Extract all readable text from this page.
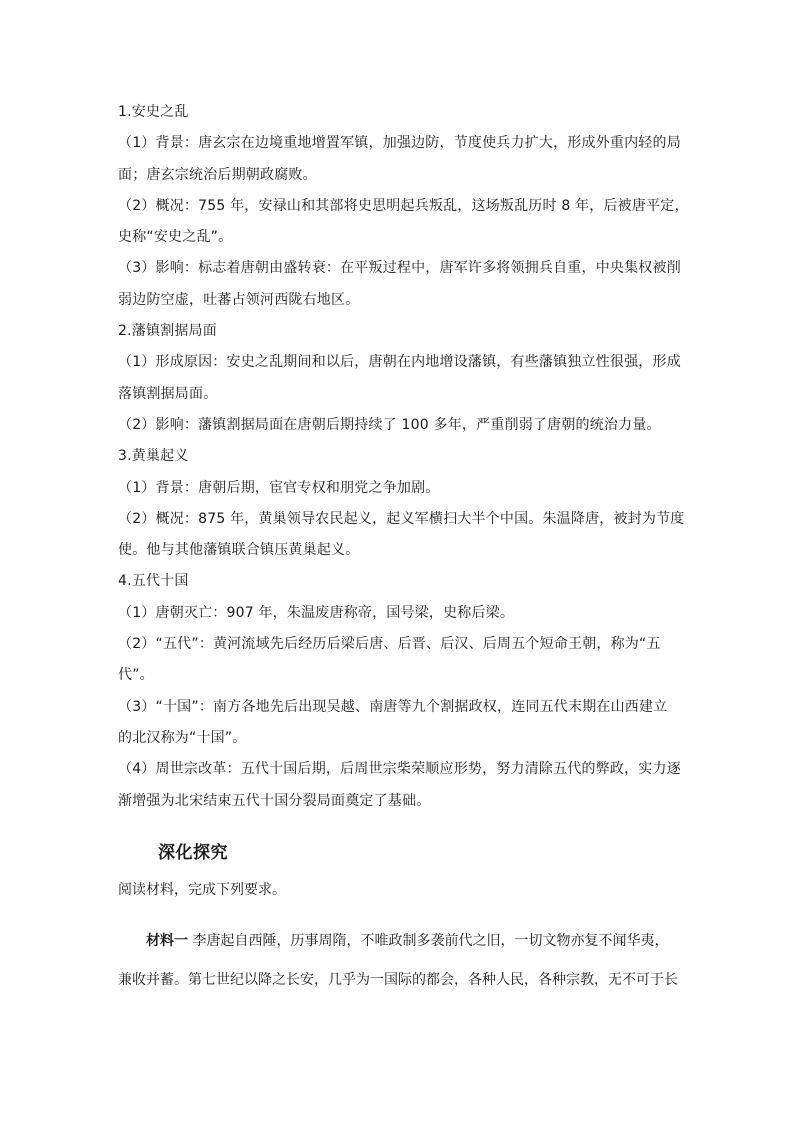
1.安史之乱
（1）背景：唐玄宗在边境重地增置军镇，加强边防，节度使兵力扩大，形成外重内轻的局
面；唐玄宗统治后期朝政腐败。
（2）概况：755 年，安禄山和其部将史思明起兵叛乱，这场叛乱历时 8 年，后被唐平定，
史称“安史之乱”。
（3）影响：标志着唐朝由盛转衰：在平叛过程中，唐军许多将领拥兵自重，中央集权被削
弱边防空虚，吐蕃占领河西陇右地区。
2.藩镇割据局面
（1）形成原因：安史之乱期间和以后，唐朝在内地增设藩镇，有些藩镇独立性很强，形成
落镇割据局面。
（2）影响：藩镇割据局面在唐朝后期持续了 100 多年，严重削弱了唐朝的统治力量。
3.黄巢起义
（1）背景：唐朝后期，宦官专权和朋党之争加剧。
（2）概况：875 年，黄巢领导农民起义，起义军横扫大半个中国。朱温降唐，被封为节度
使。他与其他藩镇联合镇压黄巢起义。
4.五代十国
（1）唐朝灭亡：907 年，朱温废唐称帝，国号梁，史称后梁。
（2）“五代”：黄河流域先后经历后梁后唐、后晋、后汉、后周五个短命王朝，称为“五
代”。
（3）“十国”：南方各地先后出现吴越、南唐等九个割据政权，连同五代末期在山西建立
的北汉称为“十国”。
（4）周世宗改革：五代十国后期，后周世宗柴荣顺应形势，努力清除五代的弊政，实力逐
渐增强为北宋结束五代十国分裂局面奠定了基础。
深化探究
阅读材料，完成下列要求。
材料一 李唐起自西陲，历事周隋，不唯政制多袭前代之旧，一切文物亦复不闻华夷，
兼收并蓄。第七世纪以降之长安，几乎为一国际的都会，各种人民，各种宗教，无不可于长
